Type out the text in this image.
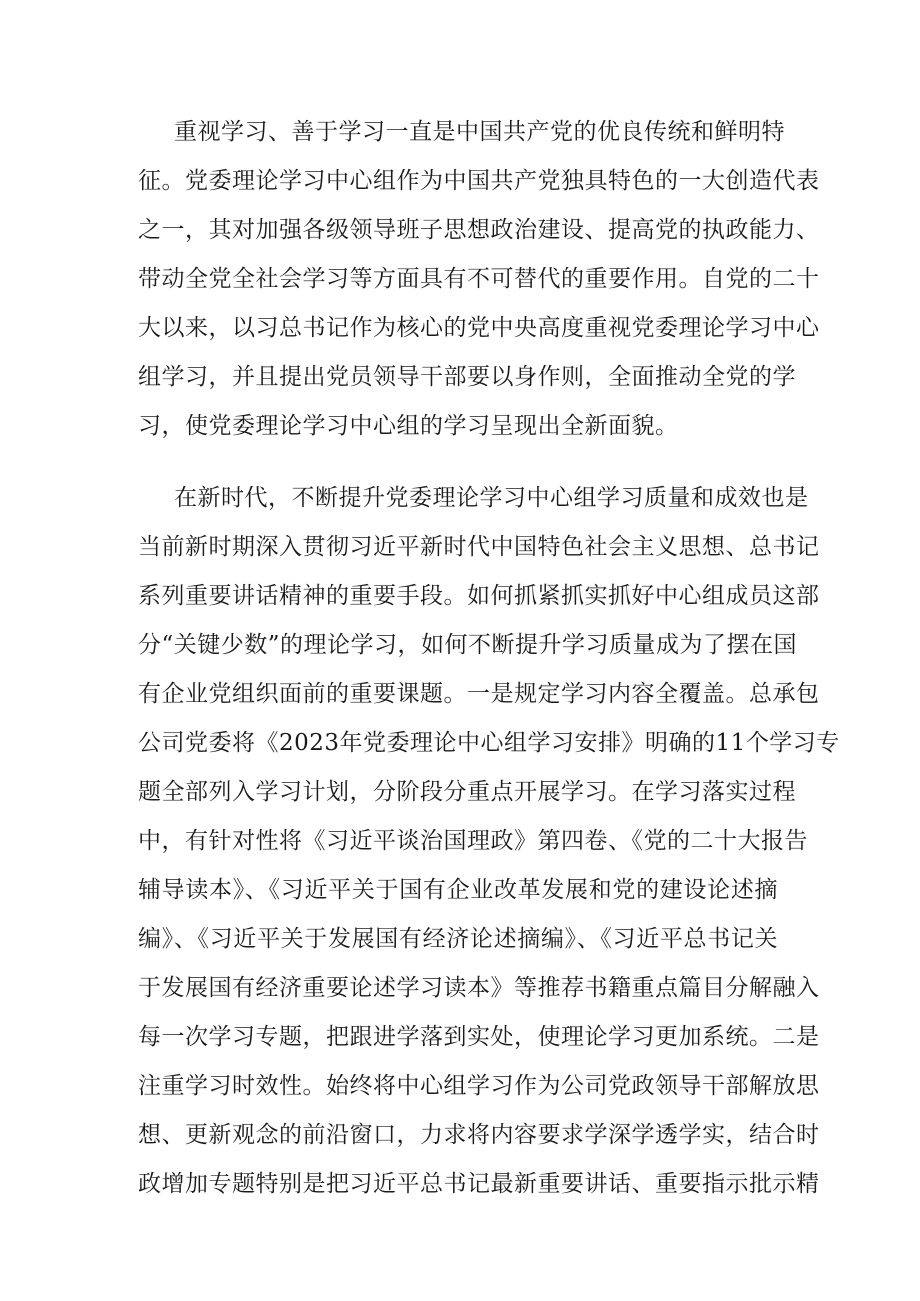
重视学习、善于学习一直是中国共产党的优良传统和鲜明特
征。党委理论学习中心组作为中国共产党独具特色的一大创造代表
之一，其对加强各级领导班子思想政治建设、提高党的执政能力、
带动全党全社会学习等方面具有不可替代的重要作用。自党的二十
大以来，以习总书记作为核心的党中央高度重视党委理论学习中心
组学习，并且提出党员领导干部要以身作则，全面推动全党的学
习，使党委理论学习中心组的学习呈现出全新面貌。

在新时代，不断提升党委理论学习中心组学习质量和成效也是
当前新时期深入贯彻习近平新时代中国特色社会主义思想、总书记
系列重要讲话精神的重要手段。如何抓紧抓实抓好中心组成员这部
分“关键少数”的理论学习，如何不断提升学习质量成为了摆在国
有企业党组织面前的重要课题。一是规定学习内容全覆盖。总承包
公司党委将《2023年党委理论中心组学习安排》明确的11个学习专
题全部列入学习计划，分阶段分重点开展学习。在学习落实过程
中，有针对性将《习近平谈治国理政》第四卷、《党的二十大报告
辅导读本》、《习近平关于国有企业改革发展和党的建设论述摘
编》、《习近平关于发展国有经济论述摘编》、《习近平总书记关
于发展国有经济重要论述学习读本》等推荐书籍重点篇目分解融入
每一次学习专题，把跟进学落到实处，使理论学习更加系统。二是
注重学习时效性。始终将中心组学习作为公司党政领导干部解放思
想、更新观念的前沿窗口，力求将内容要求学深学透学实，结合时
政增加专题特别是把习近平总书记最新重要讲话、重要指示批示精
